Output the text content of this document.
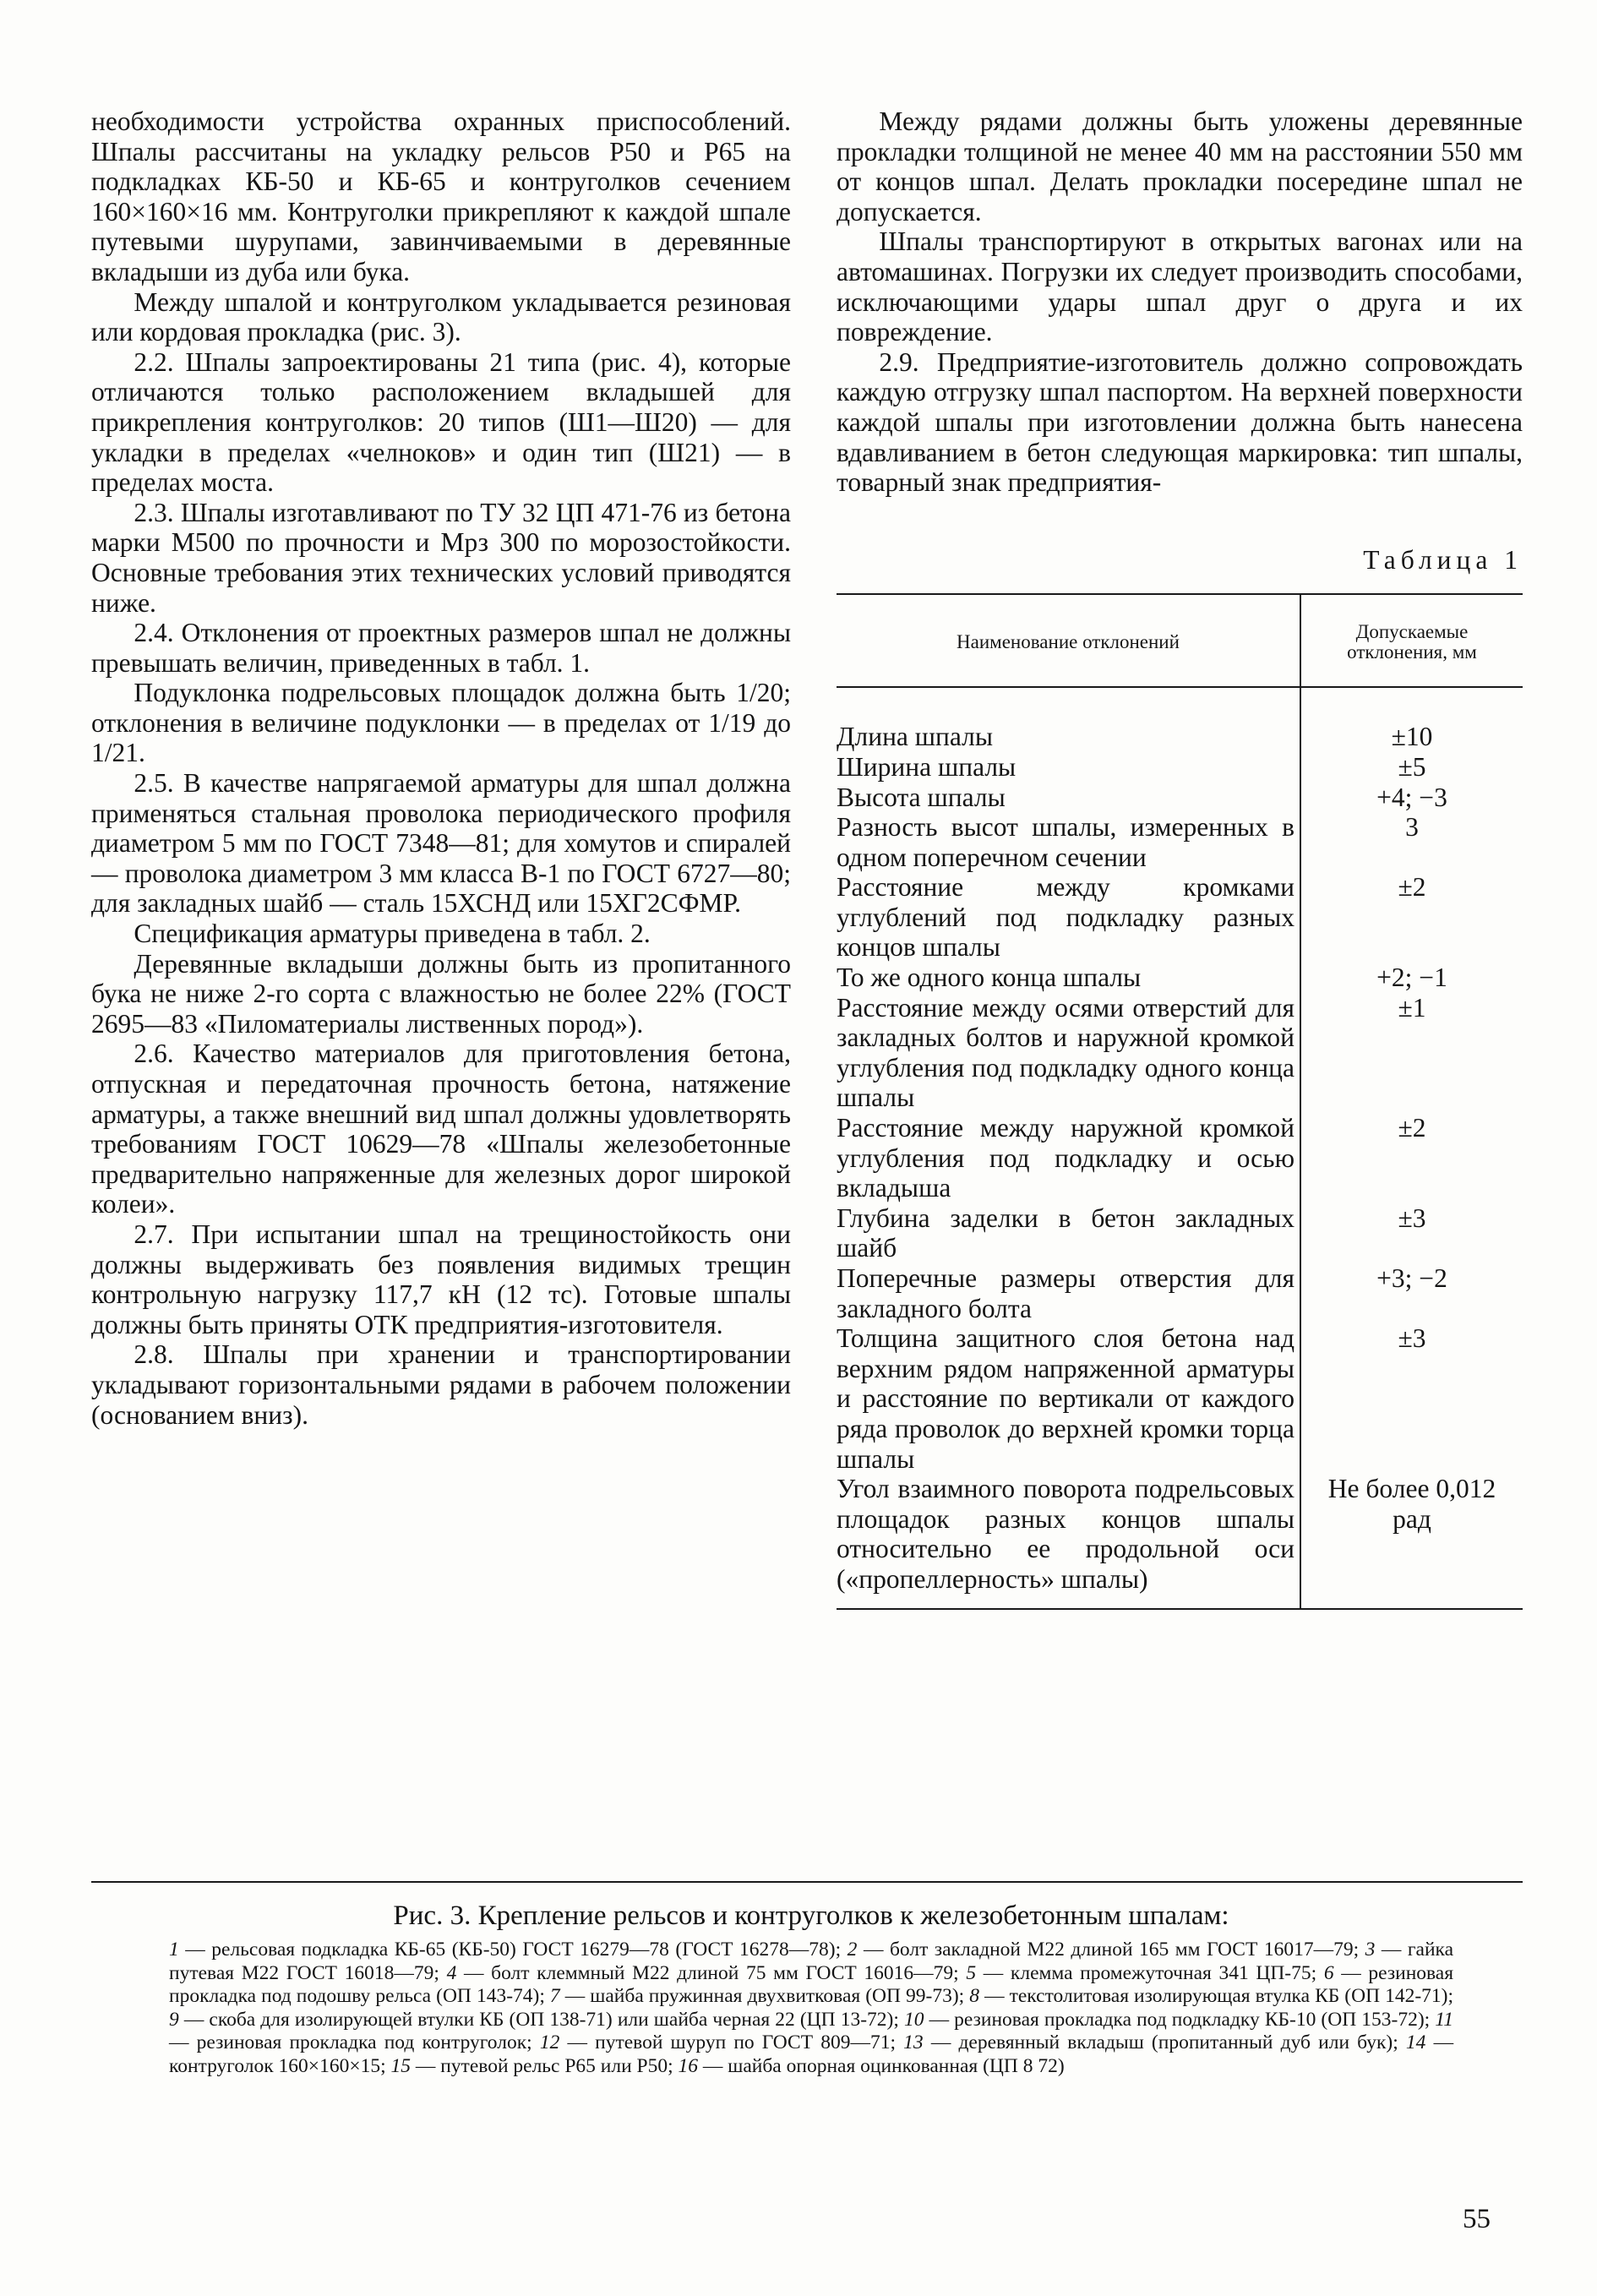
необходимости устройства охранных приспособлений. Шпалы рассчитаны на укладку рельсов Р50 и Р65 на подкладках КБ-50 и КБ-65 и контруголков сечением 160×160×16 мм. Контруголки прикрепляют к каждой шпале путевыми шурупами, завинчиваемыми в деревянные вкладыши из дуба или бука.

Между шпалой и контруголком укладывается резиновая или кордовая прокладка (рис. 3).

2.2. Шпалы запроектированы 21 типа (рис. 4), которые отличаются только расположением вкладышей для прикрепления контруголков: 20 типов (Ш1—Ш20) — для укладки в пределах «челноков» и один тип (Ш21) — в пределах моста.

2.3. Шпалы изготавливают по ТУ 32 ЦП 471-76 из бетона марки М500 по прочности и Мрз 300 по морозостойкости. Основные требования этих технических условий приводятся ниже.

2.4. Отклонения от проектных размеров шпал не должны превышать величин, приведенных в табл. 1.

Подуклонка подрельсовых площадок должна быть 1/20; отклонения в величине подуклонки — в пределах от 1/19 до 1/21.

2.5. В качестве напрягаемой арматуры для шпал должна применяться стальная проволока периодического профиля диаметром 5 мм по ГОСТ 7348—81; для хомутов и спиралей — проволока диаметром 3 мм класса В-1 по ГОСТ 6727—80; для закладных шайб — сталь 15ХСНД или 15ХГ2СФМР.

Спецификация арматуры приведена в табл. 2.

Деревянные вкладыши должны быть из пропитанного бука не ниже 2-го сорта с влажностью не более 22% (ГОСТ 2695—83 «Пиломатериалы лиственных пород»).

2.6. Качество материалов для приготовления бетона, отпускная и передаточная прочность бетона, натяжение арматуры, а также внешний вид шпал должны удовлетворять требованиям ГОСТ 10629—78 «Шпалы железобетонные предварительно напряженные для железных дорог широкой колеи».

2.7. При испытании шпал на трещиностойкость они должны выдерживать без появления видимых трещин контрольную нагрузку 117,7 кН (12 тс). Готовые шпалы должны быть приняты ОТК предприятия-изготовителя.

2.8. Шпалы при хранении и транспортировании укладывают горизонтальными рядами в рабочем положении (основанием вниз).

Между рядами должны быть уложены деревянные прокладки толщиной не менее 40 мм на расстоянии 550 мм от концов шпал. Делать прокладки посередине шпал не допускается.

Шпалы транспортируют в открытых вагонах или на автомашинах. Погрузки их следует производить способами, исключающими удары шпал друг о друга и их повреждение.

2.9. Предприятие-изготовитель должно сопровождать каждую отгрузку шпал паспортом. На верхней поверхности каждой шпалы при изготовлении должна быть нанесена вдавливанием в бетон следующая маркировка: тип шпалы, товарный знак предприятия-

Таблица 1
Наименование отклонений	Допускаемые отклонения, мм
Длина шпалы	±10
Ширина шпалы	±5
Высота шпалы	+4; −3
Разность высот шпалы, измеренных в одном поперечном сечении	3
Расстояние между кромками углублений под подкладку разных концов шпалы	±2
То же одного конца шпалы	+2; −1
Расстояние между осями отверстий для закладных болтов и наружной кромкой углубления под подкладку одного конца шпалы	±1
Расстояние между наружной кромкой углубления под подкладку и осью вкладыша	±2
Глубина заделки в бетон закладных шайб	±3
Поперечные размеры отверстия для закладного болта	+3; −2
Толщина защитного слоя бетона над верхним рядом напряженной арматуры и расстояние по вертикали от каждого ряда проволок до верхней кромки торца шпалы	±3
Угол взаимного поворота подрельсовых площадок разных концов шпалы относительно ее продольной оси («пропеллерность» шпалы)	Не более 0,012 рад
Рис. 3. Крепление рельсов и контруголков к железобетонным шпалам:
1 — рельсовая подкладка КБ-65 (КБ-50) ГОСТ 16279—78 (ГОСТ 16278—78); 2 — болт закладной М22 длиной 165 мм ГОСТ 16017—79; 3 — гайка путевая М22 ГОСТ 16018—79; 4 — болт клеммный М22 длиной 75 мм ГОСТ 16016—79; 5 — клемма промежуточная 341 ЦП-75; 6 — резиновая прокладка под подошву рельса (ОП 143-74); 7 — шайба пружинная двухвитковая (ОП 99-73); 8 — текстолитовая изолирующая втулка КБ (ОП 142-71); 9 — скоба для изолирующей втулки КБ (ОП 138-71) или шайба черная 22 (ЦП 13-72); 10 — резиновая прокладка под подкладку КБ-10 (ОП 153-72); 11 — резиновая прокладка под контруголок; 12 — путевой шуруп по ГОСТ 809—71; 13 — деревянный вкладыш (пропитанный дуб или бук); 14 — контруголок 160×160×15; 15 — путевой рельс Р65 или Р50; 16 — шайба опорная оцинкованная (ЦП 8 72)
55
